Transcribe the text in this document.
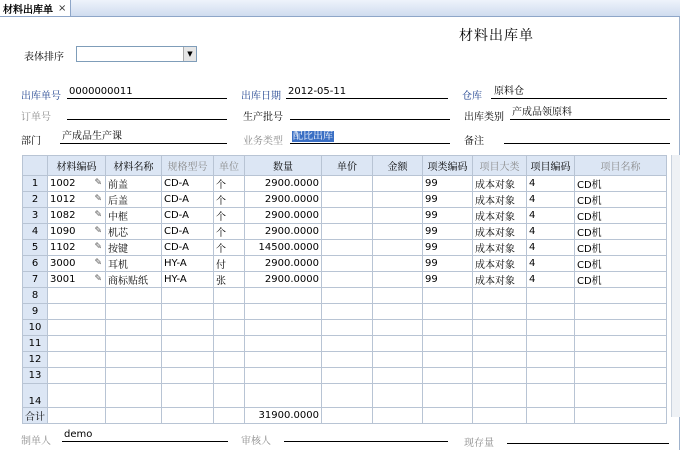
材料出库单 ×
材料出库单
表体排序	▼
出库单号 0000000011	出库日期 2012-05-11	仓库	原料仓
订单号	生产批号	出库类别 产成品领原料
部门 产成品生产课	业务类型	配比出库	备注
	材料编码	材料名称	规格型号	单位	数量	单价	金额	项类编码	项目大类	项目编码	项目名称
1	1002 ✎	前盖	CD-A	个	2900.0000			99	成本对象	4	CD机
2	1012 ✎	后盖	CD-A	个	2900.0000			99	成本对象	4	CD机
3	1082 ✎	中框	CD-A	个	2900.0000			99	成本对象	4	CD机
4	1090 ✎	机芯	CD-A	个	2900.0000			99	成本对象	4	CD机
5	1102 ✎	按键	CD-A	个	14500.0000			99	成本对象	4	CD机
6	3000 ✎	耳机	HY-A	付	2900.0000			99	成本对象	4	CD机
7	3001 ✎	商标贴纸	HY-A	张	2900.0000			99	成本对象	4	CD机
8											
9											
10											
11											
12											
13											
14											
合计					31900.0000						
制单人
demo
审核人	现存量
